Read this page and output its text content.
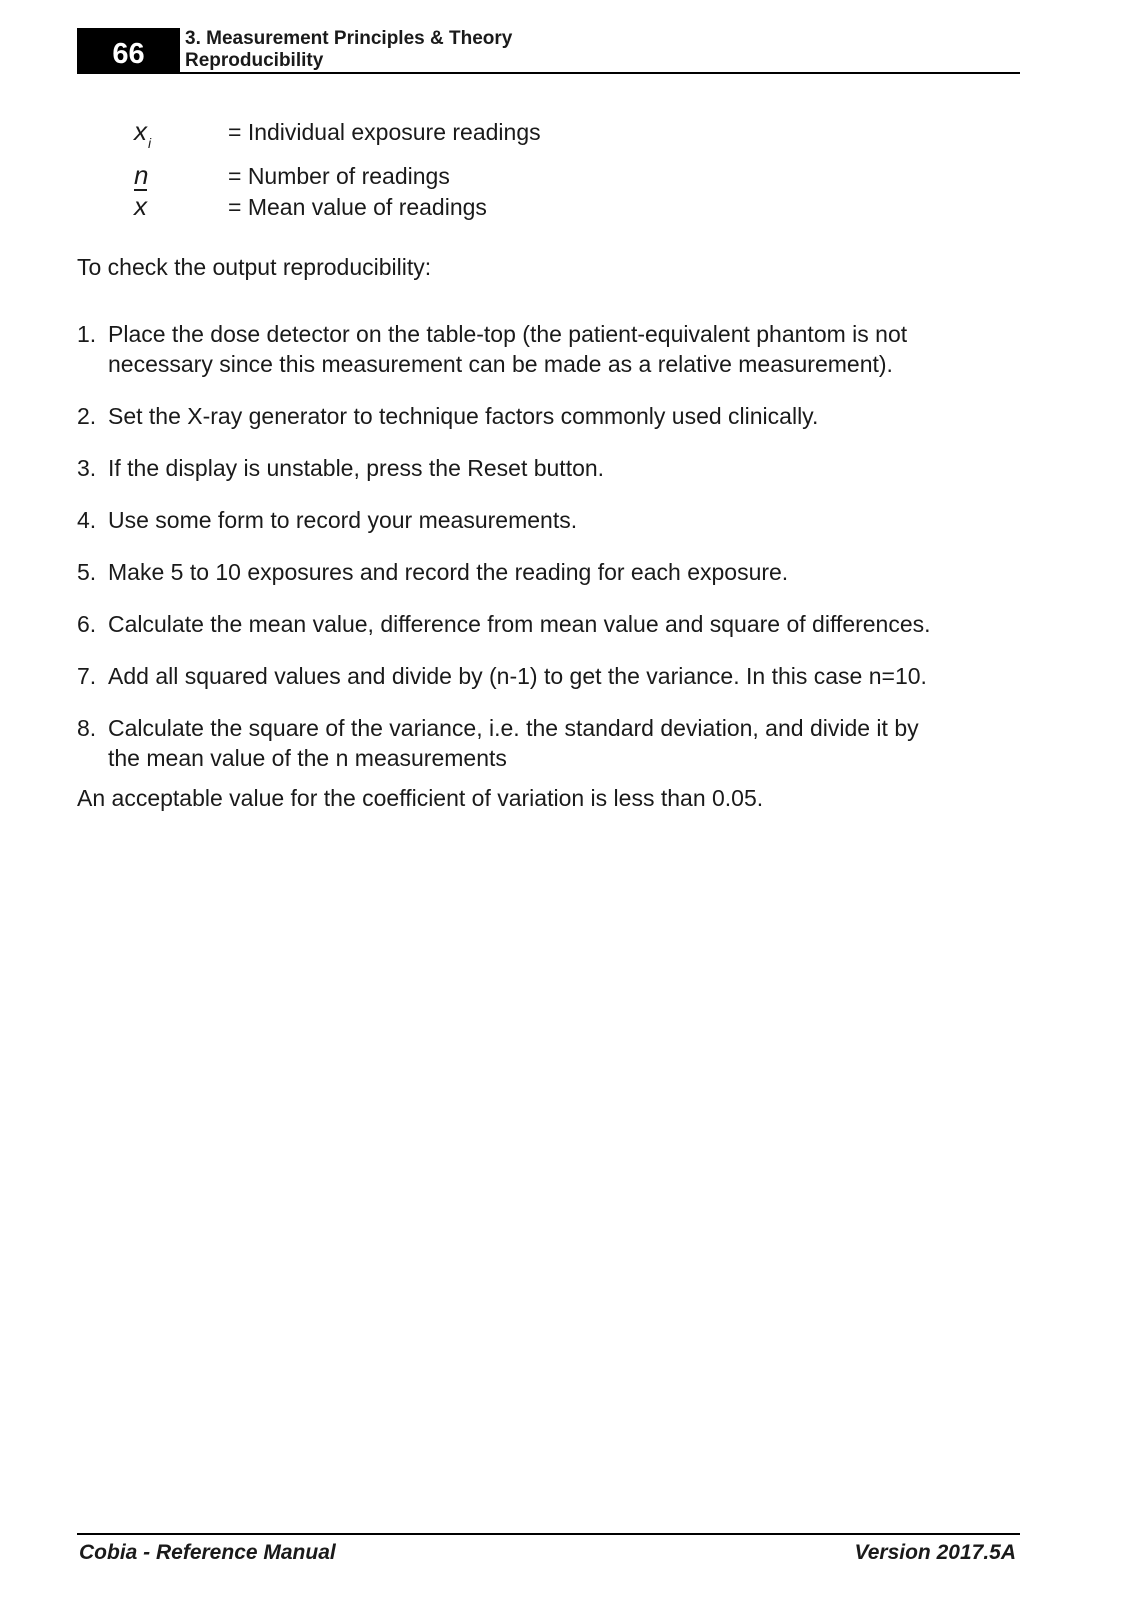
66	3. Measurement Principles & Theory
Reproducibility
$x_i$	= Individual exposure readings
n	= Number of readings
$\overline{x}$	= Mean value of readings
To check the output reproducibility:
1. Place the dose detector on the table-top (the patient-equivalent phantom is not
necessary since this measurement can be made as a relative measurement).
2. Set the X-ray generator to technique factors commonly used clinically.
3. If the display is unstable, press the Reset button.
4. Use some form to record your measurements.
5. Make 5 to 10 exposures and record the reading for each exposure.
6. Calculate the mean value, difference from mean value and square of differences.
7. Add all squared values and divide by (n-1) to get the variance. In this case n=10.
8. Calculate the square of the variance, i.e. the standard deviation, and divide it by
the mean value of the n measurements
An acceptable value for the coefficient of variation is less than 0.05.
Cobia - Reference Manual	Version 2017.5A
